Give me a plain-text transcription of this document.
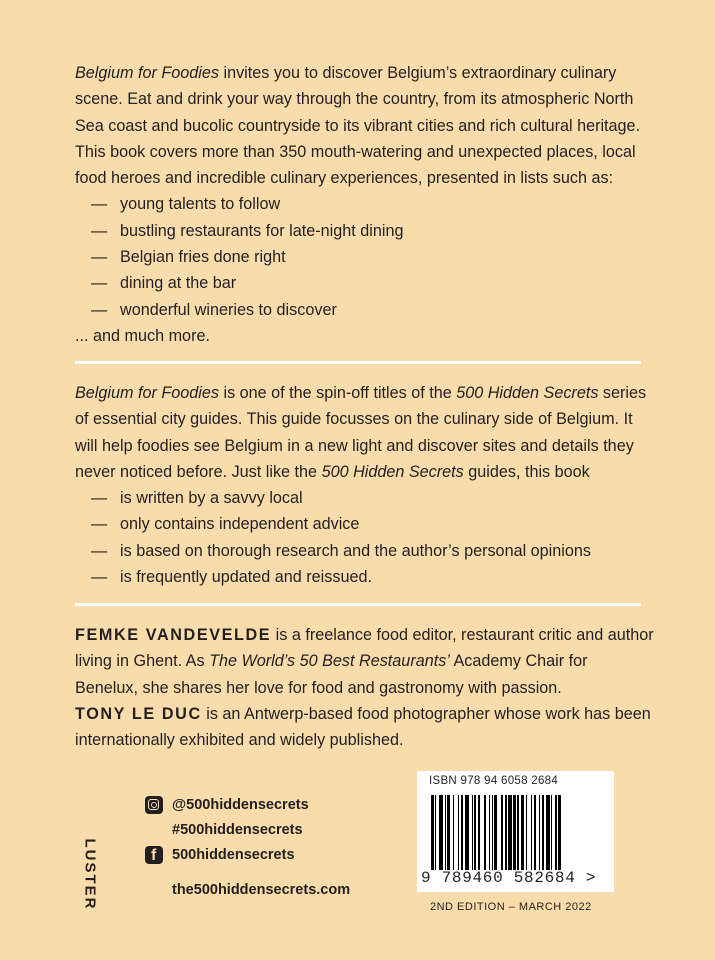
Belgium for Foodies invites you to discover Belgium’s extraordinary culinary scene. Eat and drink your way through the country, from its atmospheric North Sea coast and bucolic countryside to its vibrant cities and rich cultural heritage. This book covers more than 350 mouth-watering and unexpected places, local food heroes and incredible culinary experiences, presented in lists such as:
— young talents to follow
— bustling restaurants for late-night dining
— Belgian fries done right
— dining at the bar
— wonderful wineries to discover
... and much more.
Belgium for Foodies is one of the spin-off titles of the 500 Hidden Secrets series of essential city guides. This guide focusses on the culinary side of Belgium. It will help foodies see Belgium in a new light and discover sites and details they never noticed before. Just like the 500 Hidden Secrets guides, this book
— is written by a savvy local
— only contains independent advice
— is based on thorough research and the author’s personal opinions
— is frequently updated and reissued.
FEMKE VANDEVELDE is a freelance food editor, restaurant critic and author living in Ghent. As The World’s 50 Best Restaurants’ Academy Chair for Benelux, she shares her love for food and gastronomy with passion.
TONY LE DUC is an Antwerp-based food photographer whose work has been internationally exhibited and widely published.
LUSTER
@500hiddensecrets
#500hiddensecrets
f 500hiddensecrets
the500hiddensecrets.com
ISBN 978 94 6058 2684
9 789460 582684 >
2ND EDITION – MARCH 2022
